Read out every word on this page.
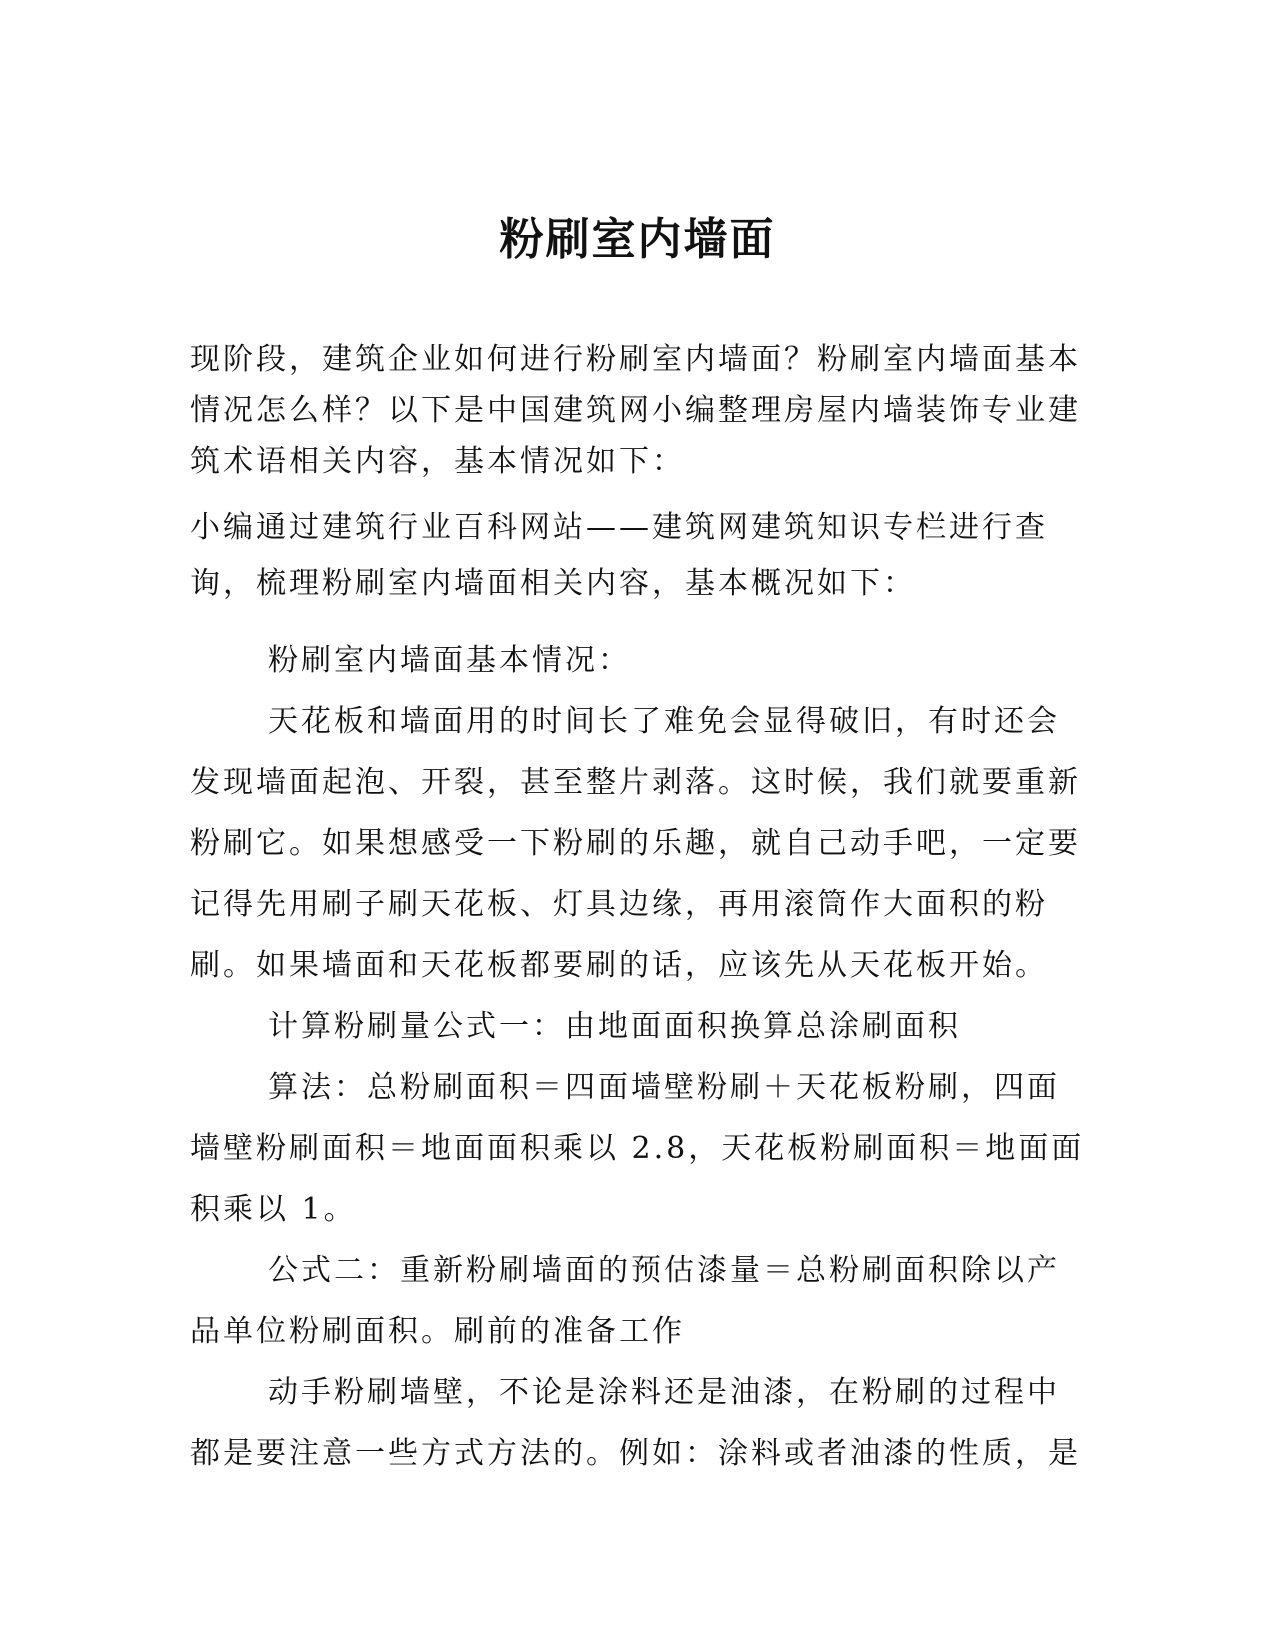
粉刷室内墙面

现阶段，建筑企业如何进行粉刷室内墙面？粉刷室内墙面基本情况怎么样？以下是中国建筑网小编整理房屋内墙装饰专业建筑术语相关内容，基本情况如下：

小编通过建筑行业百科网站——建筑网建筑知识专栏进行查询，梳理粉刷室内墙面相关内容，基本概况如下：

粉刷室内墙面基本情况：

天花板和墙面用的时间长了难免会显得破旧，有时还会发现墙面起泡、开裂，甚至整片剥落。这时候，我们就要重新粉刷它。如果想感受一下粉刷的乐趣，就自己动手吧，一定要记得先用刷子刷天花板、灯具边缘，再用滚筒作大面积的粉刷。如果墙面和天花板都要刷的话，应该先从天花板开始。

计算粉刷量公式一：由地面面积换算总涂刷面积

算法：总粉刷面积＝四面墙壁粉刷＋天花板粉刷，四面墙壁粉刷面积＝地面面积乘以 2.8，天花板粉刷面积＝地面面积乘以 1。

公式二：重新粉刷墙面的预估漆量＝总粉刷面积除以产品单位粉刷面积。刷前的准备工作

动手粉刷墙壁，不论是涂料还是油漆，在粉刷的过程中都是要注意一些方式方法的。例如：涂料或者油漆的性质，是
